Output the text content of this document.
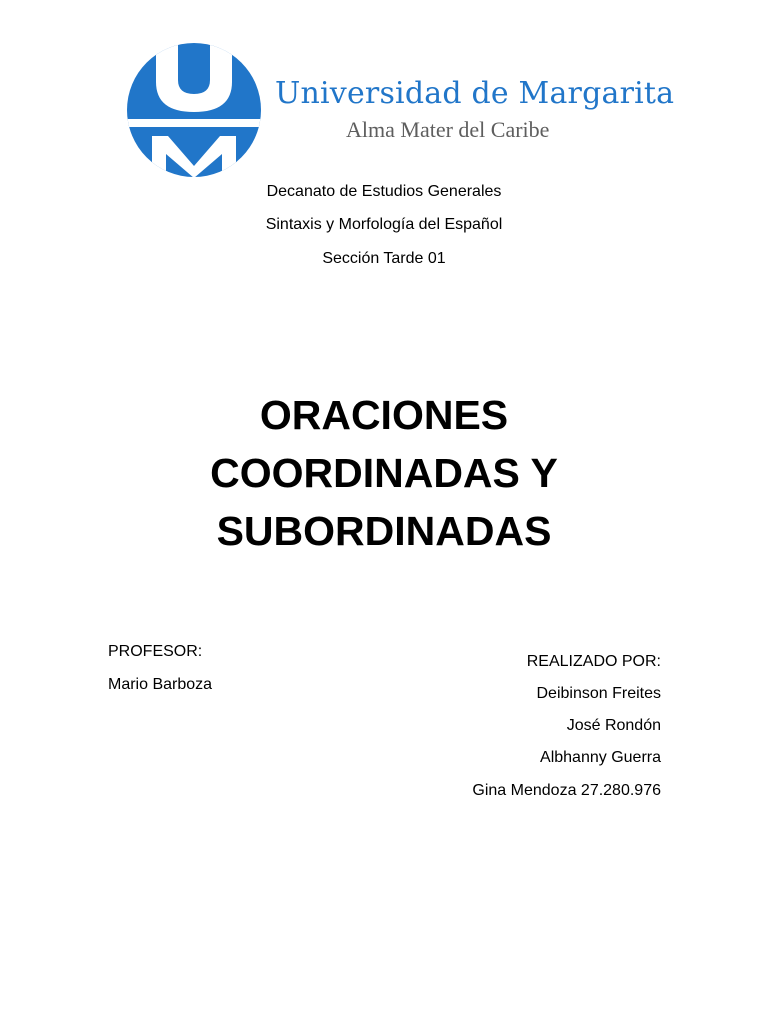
Universidad de Margarita
Alma Mater del Caribe
Decanato de Estudios Generales
Sintaxis y Morfología del Español
Sección Tarde 01
ORACIONES
COORDINADAS Y
SUBORDINADAS
PROFESOR:
Mario Barboza
REALIZADO POR:
Deibinson Freites
José Rondón
Albhanny Guerra
Gina Mendoza 27.280.976
